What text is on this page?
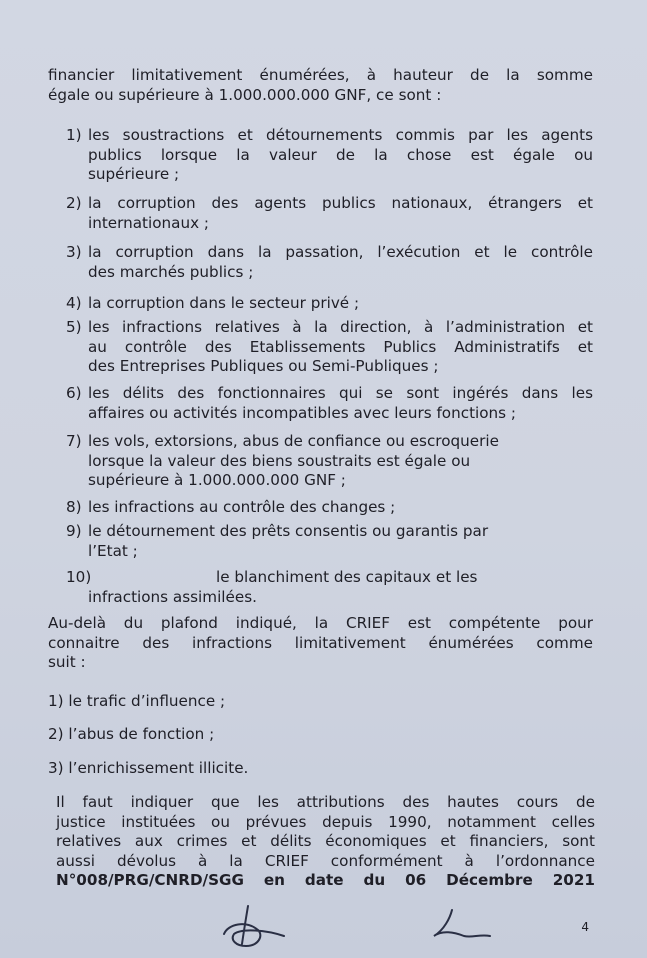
financier limitativement énumérées, à hauteur de la somme
égale ou supérieure à 1.000.000.000 GNF, ce sont :
1) les soustractions et détournements commis par les agents
publics lorsque la valeur de la chose est égale ou
supérieure ;
2) la corruption des agents publics nationaux, étrangers et
internationaux ;
3) la corruption dans la passation, l’exécution et le contrôle
des marchés publics ;
4) la corruption dans le secteur privé ;
5) les infractions relatives à la direction, à l’administration et
au contrôle des Etablissements Publics Administratifs et
des Entreprises Publiques ou Semi-Publiques ;
6) les délits des fonctionnaires qui se sont ingérés dans les
affaires ou activités incompatibles avec leurs fonctions ;
7) les vols, extorsions, abus de confiance ou escroquerie
lorsque la valeur des biens soustraits est égale ou
supérieure à 1.000.000.000 GNF ;
8) les infractions au contrôle des changes ;
9) le détournement des prêts consentis ou garantis par
l’Etat ;
10)	le blanchiment des capitaux et les
infractions assimilées.
Au-delà du plafond indiqué, la CRIEF est compétente pour
connaitre des infractions limitativement énumérées comme
suit :
1) le trafic d’influence ;
2) l’abus de fonction ;
3) l’enrichissement illicite.
Il faut indiquer que les attributions des hautes cours de
justice instituées ou prévues depuis 1990, notamment celles
relatives aux crimes et délits économiques et financiers, sont
aussi dévolus à la CRIEF conformément à l’ordonnance
N°008/PRG/CNRD/SGG en date du 06 Décembre 2021
4
